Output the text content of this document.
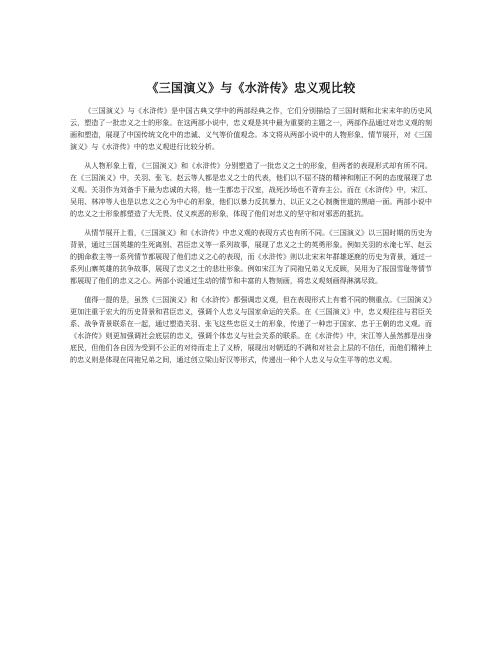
《三国演义》与《水浒传》忠义观比较

《三国演义》与《水浒传》是中国古典文学中的两部经典之作，它们分别描绘了三国时期和北宋末年的历史风云，塑造了一批忠义之士的形象。在这两部小说中，忠义观是其中最为重要的主题之一，两部作品通过对忠义观的刻画和塑造，展现了中国传统文化中的忠诚、义气等价值观念。本文将从两部小说中的人物形象、情节展开，对《三国演义》与《水浒传》中的忠义观进行比较分析。

从人物形象上看，《三国演义》和《水浒传》分别塑造了一批忠义之士的形象，但两者的表现形式却有所不同。在《三国演义》中，关羽、张飞、赵云等人都是忠义之士的代表，他们以不屈不挠的精神和刚正不阿的态度展现了忠义观。关羽作为刘备手下最为忠诚的大将，他一生都忠于汉室，战死沙场也不背弃主公。而在《水浒传》中，宋江、吴用、林冲等人也是以忠义之心为中心的形象，他们以暴力反抗暴力，以正义之心制衡世道的黑暗一面。两部小说中的忠义之士形象都塑造了大无畏、仗义疾恶的形象，体现了他们对忠义的坚守和对邪恶的抵抗。

从情节展开上看，《三国演义》和《水浒传》中忠义观的表现方式也有所不同。《三国演义》以三国时期的历史为背景，通过三国英雄的生死离别、君臣忠义等一系列故事，展现了忠义之士的英勇形象。例如关羽的水淹七军、赵云的拥命救主等一系列情节都展现了他们忠义之心的表现，而《水浒传》则以北宋末年群雄逐鹿的历史为背景，通过一系列山寨英雄的抗争故事，展现了忠义之士的悲壮形象。例如宋江为了同袍兄弟义无反顾，吴用为了报国雪耻等情节都展现了他们的忠义之心。两部小说通过生动的情节和丰富的人物刻画，将忠义观刻画得淋漓尽致。

值得一提的是，虽然《三国演义》和《水浒传》都强调忠义观，但在表现形式上有着不同的侧重点。《三国演义》更加注重于宏大的历史背景和君臣忠义，强调个人忠义与国家命运的关系。在《三国演义》中，忠义观往往与君臣关系、战争背景联系在一起，通过塑造关羽、张飞这些忠臣义士的形象，传递了一种忠于国家、忠于王朝的忠义观。而《水浒传》则更加强调社会底层的忠义，强调个体忠义与社会关系的联系。在《水浒传》中，宋江等人虽然都是出身底民，但他们各自因为受到不公正的对待而走上了义桥，展现出对朝廷的不满和对社会上层的不信任，而他们精神上的忠义则是体现在同袍兄弟之间，通过创立梁山好汉等形式，传递出一种个人忠义与众生平等的忠义观。
